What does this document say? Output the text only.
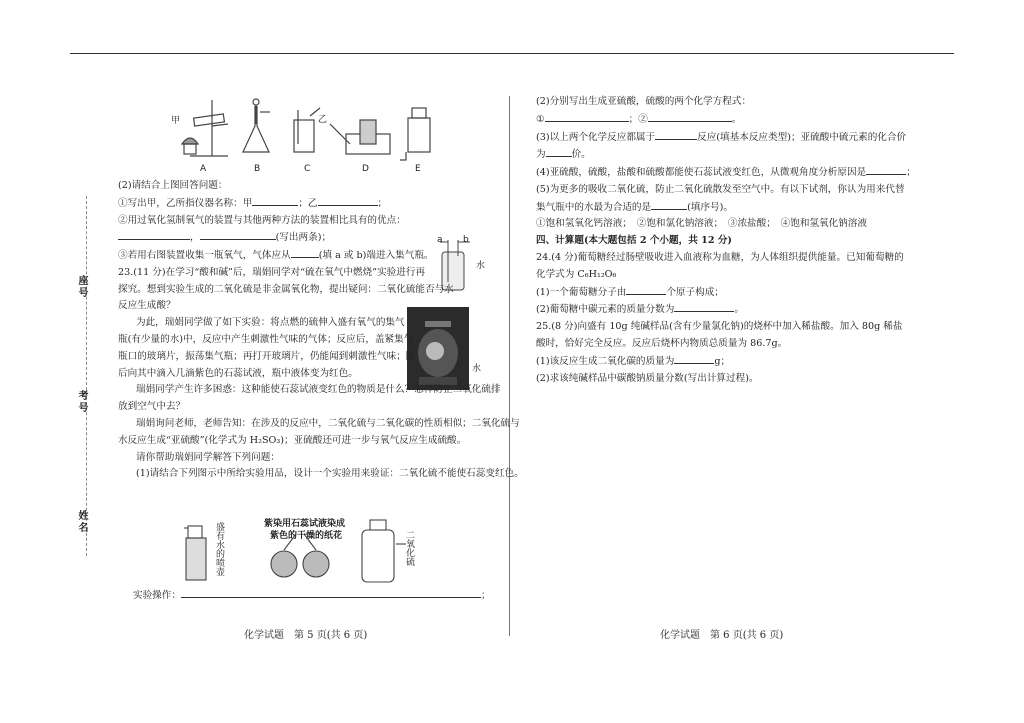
座号
考号
姓名
甲	乙
A	B	C	D	E
a b
水
水

(2)请结合上图回答问题：

①写出甲，乙所指仪器名称：甲	；乙	；

②用过氧化氢制氧气的装置与其他两种方法的装置相比具有的优点：

，	(写出两条)；

③若用右图装置收集一瓶氧气，气体应从	(填 a 或 b)端进入集气瓶。

23.(11 分)在学习“酸和碱”后，瑞娟同学对“硫在氧气中燃烧”实验进行再

探究。想到实验生成的二氧化硫是非金属氧化物，提出疑问：二氧化硫能否与水

反应生成酸？

为此，瑞娟同学做了如下实验：将点燃的硫伸入盛有氧气的集气

瓶(有少量的水)中，反应中产生刺激性气味的气体；反应后，盖紧集气

瓶口的玻璃片，振荡集气瓶；再打开玻璃片，仍能闻到刺激性气味；随

后向其中滴入几滴紫色的石蕊试液，瓶中液体变为红色。

瑞娟同学产生许多困惑：这种能使石蕊试液变红色的物质是什么？怎样防止二氧化硫排

放到空气中去？

瑞娟询问老师，老师告知：在涉及的反应中，二氧化硫与二氧化碳的性质相似；二氧化硫与

水反应生成“亚硫酸”(化学式为 H₂SO₃)；亚硫酸还可进一步与氧气反应生成硫酸。

请你帮助瑞娟同学解答下列问题：

(1)请结合下列图示中所给实验用品，设计一个实验用来验证：二氧化硫不能使石蕊变红色。

盛有水的喷壶	紫染用石蕊试液染成
紫色的干燥的纸花	二氧化硫

实验操作：	；

化学试题　第 5 页(共 6 页)

(2)分别写出生成亚硫酸，硫酸的两个化学方程式：

①	；②	。

(3)以上两个化学反应都属于	反应(填基本反应类型)；亚硫酸中硫元素的化合价

为	价。

(4)亚硫酸，硫酸，盐酸和硫酸都能使石蕊试液变红色，从微观角度分析原因是	；

(5)为更多的吸收二氧化硫，防止二氧化硫散发至空气中。有以下试剂，你认为用来代替

集气瓶中的水最为合适的是	(填序号)。

①饱和氢氧化钙溶液；　②饱和氯化钠溶液；　③浓盐酸；　④饱和氢氧化钠溶液

四、计算题(本大题包括 2 个小题，共 12 分)

24.(4 分)葡萄糖经过肠壁吸收进入血液称为血糖，为人体组织提供能量。已知葡萄糖的

化学式为 C₆H₁₂O₆

(1)一个葡萄糖分子由	个原子构成；

(2)葡萄糖中碳元素的质量分数为	。

25.(8 分)向盛有 10g 纯碱样品(含有少量氯化钠)的烧杯中加入稀盐酸。加入 80g 稀盐

酸时，恰好完全反应。反应后烧杯内物质总质量为 86.7g。

(1)该反应生成二氧化碳的质量为	g；

(2)求该纯碱样品中碳酸钠质量分数(写出计算过程)。

化学试题　第 6 页(共 6 页)
